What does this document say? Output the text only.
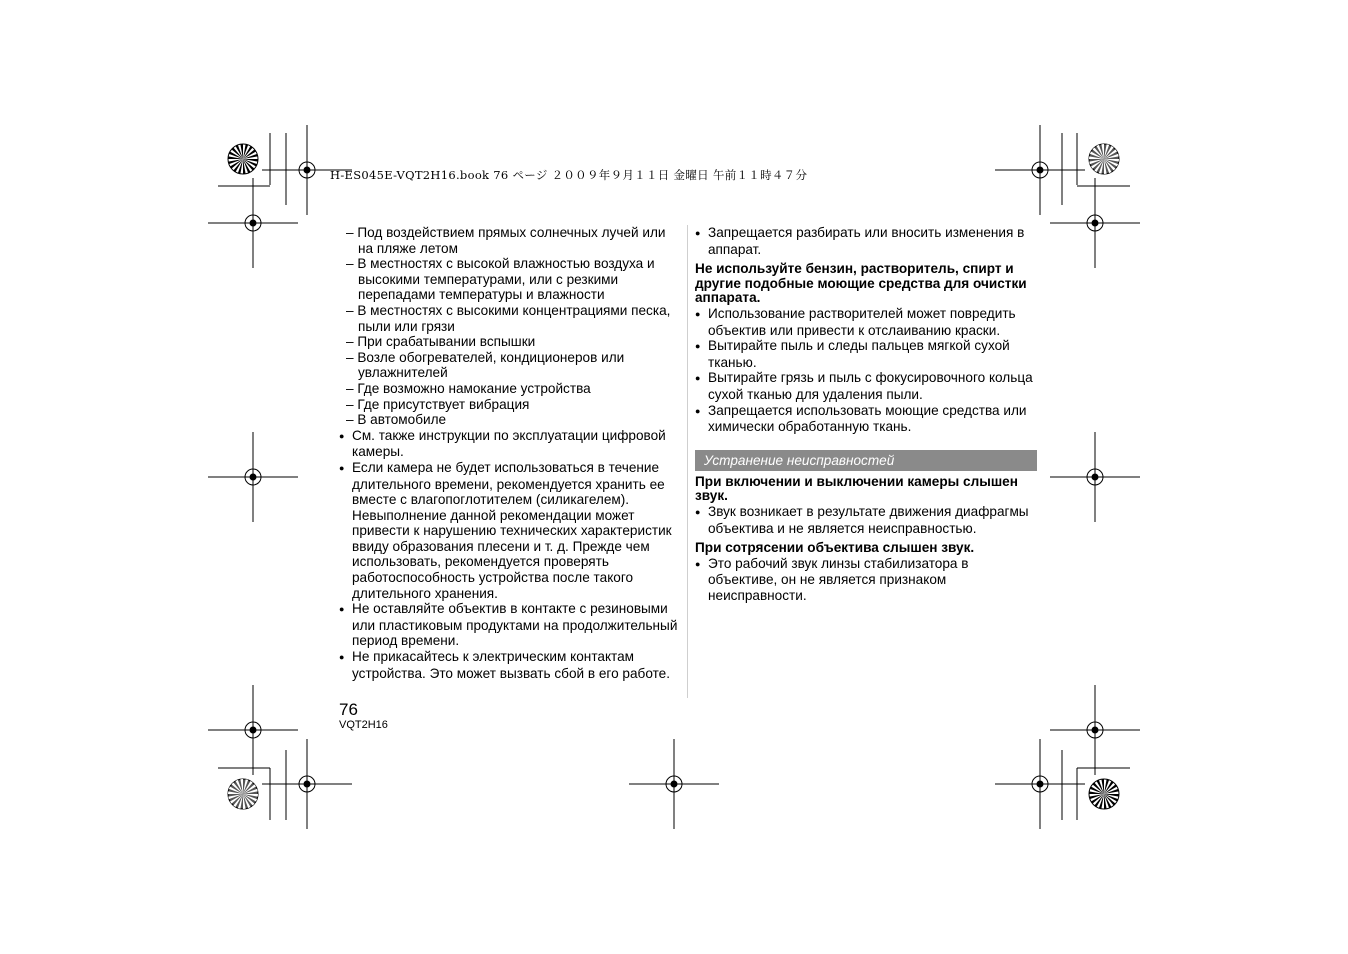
H-ES045E-VQT2H16.book 76 ページ ２００９年９月１１日 金曜日 午前１１時４７分
– Под воздействием прямых солнечных лучей или на пляже летом
– В местностях с высокой влажностью воздуха и высокими температурами, или с резкими перепадами температуры и влажности
– В местностях с высокими концентрациями песка, пыли или грязи
– При срабатывании вспышки
– Возле обогревателей, кондиционеров или увлажнителей
– Где возможно намокание устройства
– Где присутствует вибрация
– В автомобиле
● См. также инструкции по эксплуатации цифровой камеры.
● Если камера не будет использоваться в течение длительного времени, рекомендуется хранить ее вместе с влагопоглотителем (силикагелем). Невыполнение данной рекомендации может привести к нарушению технических характеристик ввиду образования плесени и т. д. Прежде чем использовать, рекомендуется проверять работоспособность устройства после такого длительного хранения.
● Не оставляйте объектив в контакте с резиновыми или пластиковым продуктами на продолжительный период времени.
● Не прикасайтесь к электрическим контактам устройства. Это может вызвать сбой в его работе.
● Запрещается разбирать или вносить изменения в аппарат.
Не используйте бензин, растворитель, спирт и другие подобные моющие средства для очистки аппарата.
● Использование растворителей может повредить объектив или привести к отслаиванию краски.
● Вытирайте пыль и следы пальцев мягкой сухой тканью.
● Вытирайте грязь и пыль с фокусировочного кольца сухой тканью для удаления пыли.
● Запрещается использовать моющие средства или химически обработанную ткань.
Устранение неисправностей
При включении и выключении камеры слышен звук.
● Звук возникает в результате движения диафрагмы объектива и не является неисправностью.
При сотрясении объектива слышен звук.
● Это рабочий звук линзы стабилизатора в объективе, он не является признаком неисправности.
76
VQT2H16
